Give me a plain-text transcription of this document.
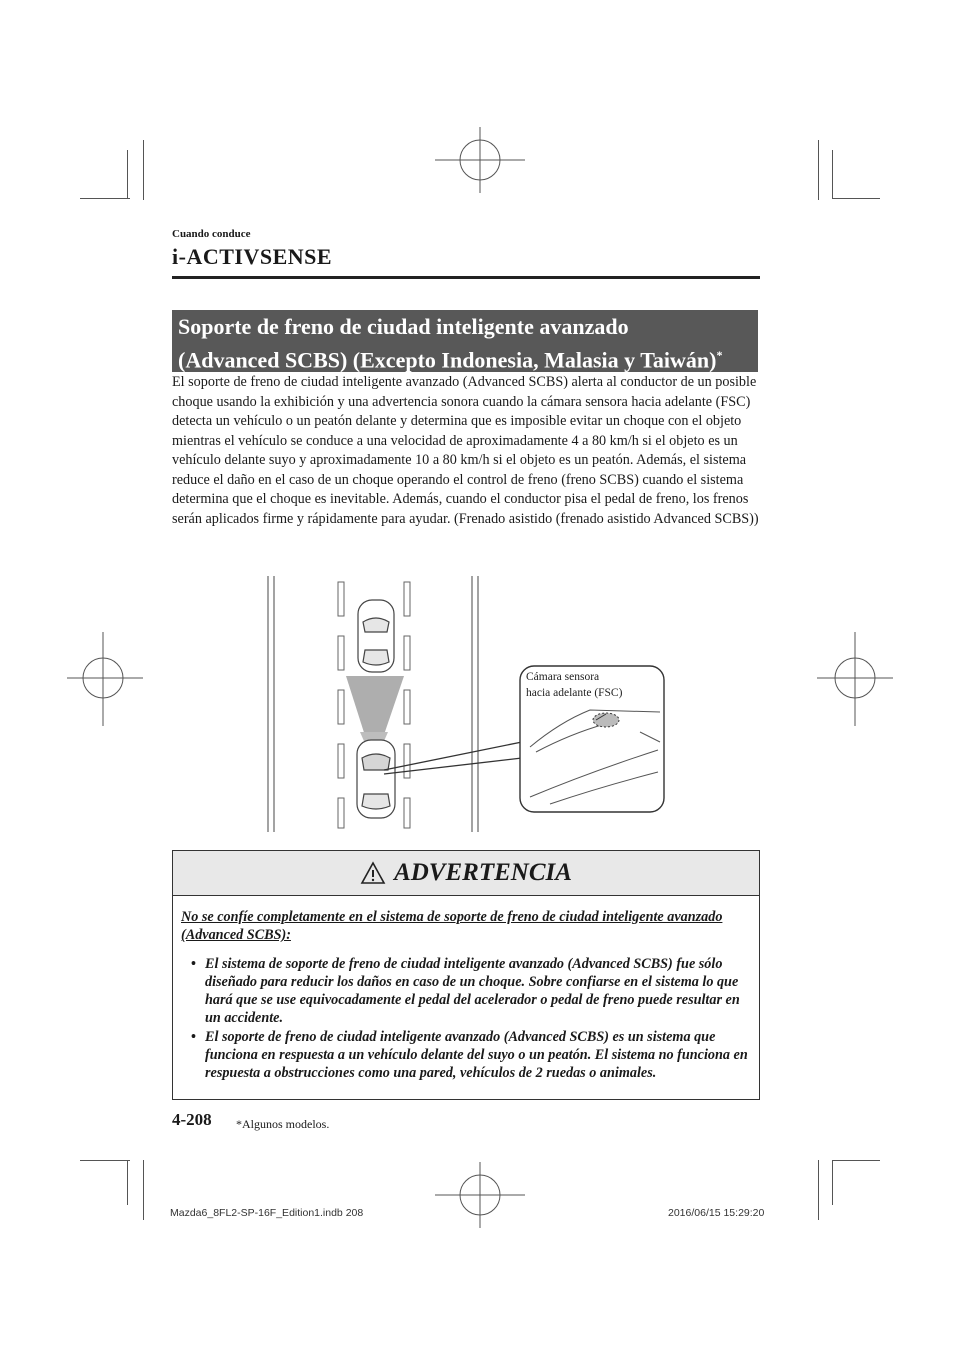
Cuando conduce
i-ACTIVSENSE
Soporte de freno de ciudad inteligente avanzado
(Advanced SCBS) (Excepto Indonesia, Malasia y Taiwán)*

El soporte de freno de ciudad inteligente avanzado (Advanced SCBS) alerta al conductor de un posible choque usando la exhibición y una advertencia sonora cuando la cámara sensora hacia adelante (FSC) detecta un vehículo o un peatón delante y determina que es imposible evitar un choque con el objeto mientras el vehículo se conduce a una velocidad de aproximadamente 4 a 80 km/h si el objeto es un vehículo delante suyo y aproximadamente 10 a 80 km/h si el objeto es un peatón. Además, el sistema reduce el daño en el caso de un choque operando el control de freno (freno SCBS) cuando el sistema determina que el choque es inevitable. Además, cuando el conductor pisa el pedal de freno, los frenos serán aplicados firme y rápidamente para ayudar. (Frenado asistido (frenado asistido Advanced SCBS))

Cámara sensora
hacia adelante (FSC)
ADVERTENCIA

No se confíe completamente en el sistema de soporte de freno de ciudad inteligente avanzado (Advanced SCBS):

• El sistema de soporte de freno de ciudad inteligente avanzado (Advanced SCBS) fue sólo diseñado para reducir los daños en caso de un choque. Sobre confiarse en el sistema lo que hará que se use equivocadamente el pedal del acelerador o pedal de freno puede resultar en un accidente.
• El soporte de freno de ciudad inteligente avanzado (Advanced SCBS) es un sistema que funciona en respuesta a un vehículo delante del suyo o un peatón. El sistema no funciona en respuesta a obstrucciones como una pared, vehículos de 2 ruedas o animales.
4-208 *Algunos modelos.
Mazda6_8FL2-SP-16F_Edition1.indb 208	2016/06/15 15:29:20
